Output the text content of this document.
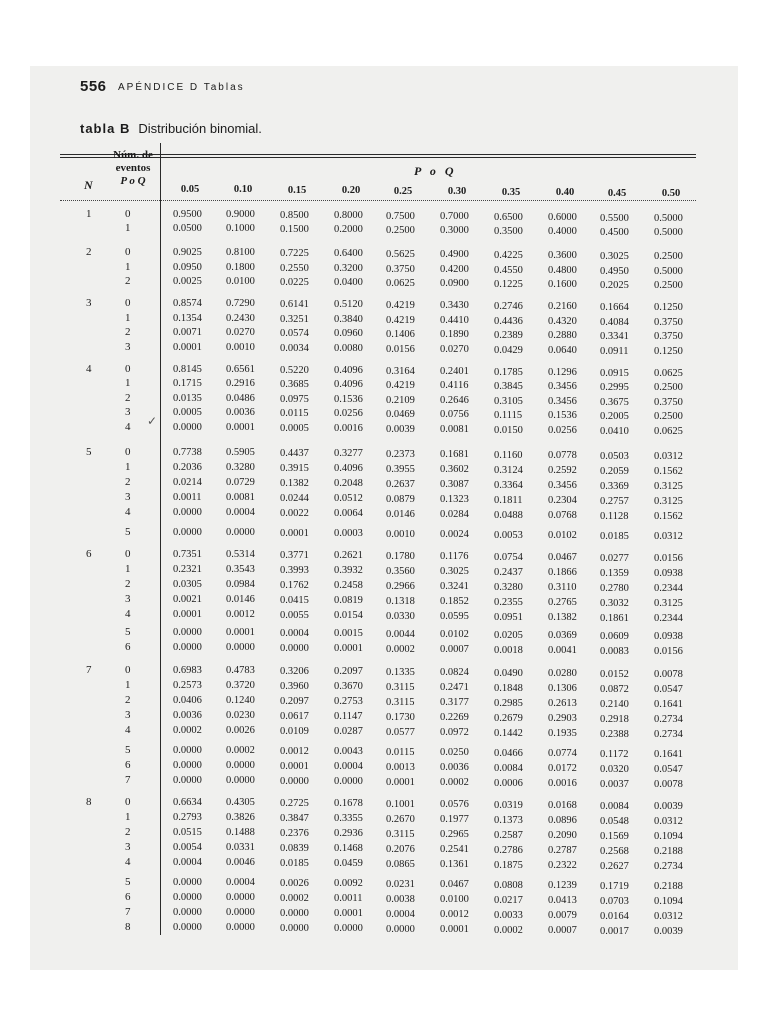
556 APÉNDICE D Tablas
tabla B Distribución binomial.
Núm. de
eventos
P o Q
N
P o Q
0.05	0.10	0.15	0.20	0.25	0.30	0.35	0.40	0.45	0.50
1	0	0.9500 0.9000 0.8500 0.8000 0.7500 0.7000 0.6500 0.6000 0.5500 0.5000
1	0.0500 0.1000 0.1500 0.2000 0.2500 0.3000 0.3500 0.4000 0.4500 0.5000
2	0	0.9025 0.8100 0.7225 0.6400 0.5625 0.4900 0.4225 0.3600 0.3025 0.2500
1	0.0950 0.1800 0.2550 0.3200 0.3750 0.4200 0.4550 0.4800 0.4950 0.5000
2	0.0025 0.0100 0.0225 0.0400 0.0625 0.0900 0.1225 0.1600 0.2025 0.2500
3	0	0.8574 0.7290 0.6141 0.5120 0.4219 0.3430 0.2746 0.2160 0.1664 0.1250
1	0.1354 0.2430 0.3251 0.3840 0.4219 0.4410 0.4436 0.4320 0.4084 0.3750
2	0.0071 0.0270 0.0574 0.0960 0.1406 0.1890 0.2389 0.2880 0.3341 0.3750
3	0.0001 0.0010 0.0034 0.0080 0.0156 0.0270 0.0429 0.0640 0.0911 0.1250
4	0	0.8145 0.6561 0.5220 0.4096 0.3164 0.2401 0.1785 0.1296 0.0915 0.0625
1	0.1715 0.2916 0.3685 0.4096 0.4219 0.4116 0.3845 0.3456 0.2995 0.2500
2	0.0135 0.0486 0.0975 0.1536 0.2109 0.2646 0.3105 0.3456 0.3675 0.3750
3	0.0005 0.0036 0.0115 0.0256 0.0469 0.0756 0.1115 0.1536 0.2005 0.2500
4	0.0000 0.0001 0.0005 0.0016 0.0039 0.0081 0.0150 0.0256 0.0410 0.0625
5	0	0.7738 0.5905 0.4437 0.3277 0.2373 0.1681 0.1160 0.0778 0.0503 0.0312
1	0.2036 0.3280 0.3915 0.4096 0.3955 0.3602 0.3124 0.2592 0.2059 0.1562
2	0.0214 0.0729 0.1382 0.2048 0.2637 0.3087 0.3364 0.3456 0.3369 0.3125
3	0.0011 0.0081 0.0244 0.0512 0.0879 0.1323 0.1811 0.2304 0.2757 0.3125
4	0.0000 0.0004 0.0022 0.0064 0.0146 0.0284 0.0488 0.0768 0.1128 0.1562
5	0.0000 0.0000 0.0001 0.0003 0.0010 0.0024 0.0053 0.0102 0.0185 0.0312
6	0	0.7351 0.5314 0.3771 0.2621 0.1780 0.1176 0.0754 0.0467 0.0277 0.0156
1	0.2321 0.3543 0.3993 0.3932 0.3560 0.3025 0.2437 0.1866 0.1359 0.0938
2	0.0305 0.0984 0.1762 0.2458 0.2966 0.3241 0.3280 0.3110 0.2780 0.2344
3	0.0021 0.0146 0.0415 0.0819 0.1318 0.1852 0.2355 0.2765 0.3032 0.3125
4	0.0001 0.0012 0.0055 0.0154 0.0330 0.0595 0.0951 0.1382 0.1861 0.2344
5	0.0000 0.0001 0.0004 0.0015 0.0044 0.0102 0.0205 0.0369 0.0609 0.0938
6	0.0000 0.0000 0.0000 0.0001 0.0002 0.0007 0.0018 0.0041 0.0083 0.0156
7	0	0.6983 0.4783 0.3206 0.2097 0.1335 0.0824 0.0490 0.0280 0.0152 0.0078
1	0.2573 0.3720 0.3960 0.3670 0.3115 0.2471 0.1848 0.1306 0.0872 0.0547
2	0.0406 0.1240 0.2097 0.2753 0.3115 0.3177 0.2985 0.2613 0.2140 0.1641
3	0.0036 0.0230 0.0617 0.1147 0.1730 0.2269 0.2679 0.2903 0.2918 0.2734
4	0.0002 0.0026 0.0109 0.0287 0.0577 0.0972 0.1442 0.1935 0.2388 0.2734
5	0.0000 0.0002 0.0012 0.0043 0.0115 0.0250 0.0466 0.0774 0.1172 0.1641
6	0.0000 0.0000 0.0001 0.0004 0.0013 0.0036 0.0084 0.0172 0.0320 0.0547
7	0.0000 0.0000 0.0000 0.0000 0.0001 0.0002 0.0006 0.0016 0.0037 0.0078
8	0	0.6634 0.4305 0.2725 0.1678 0.1001 0.0576 0.0319 0.0168 0.0084 0.0039
1	0.2793 0.3826 0.3847 0.3355 0.2670 0.1977 0.1373 0.0896 0.0548 0.0312
2	0.0515 0.1488 0.2376 0.2936 0.3115 0.2965 0.2587 0.2090 0.1569 0.1094
3	0.0054 0.0331 0.0839 0.1468 0.2076 0.2541 0.2786 0.2787 0.2568 0.2188
4	0.0004 0.0046 0.0185 0.0459 0.0865 0.1361 0.1875 0.2322 0.2627 0.2734
5	0.0000 0.0004 0.0026 0.0092 0.0231 0.0467 0.0808 0.1239 0.1719 0.2188
6	0.0000 0.0000 0.0002 0.0011 0.0038 0.0100 0.0217 0.0413 0.0703 0.1094
7	0.0000 0.0000 0.0000 0.0001 0.0004 0.0012 0.0033 0.0079 0.0164 0.0312
8	0.0000 0.0000 0.0000 0.0000 0.0000 0.0001 0.0002 0.0007 0.0017 0.0039
✓
